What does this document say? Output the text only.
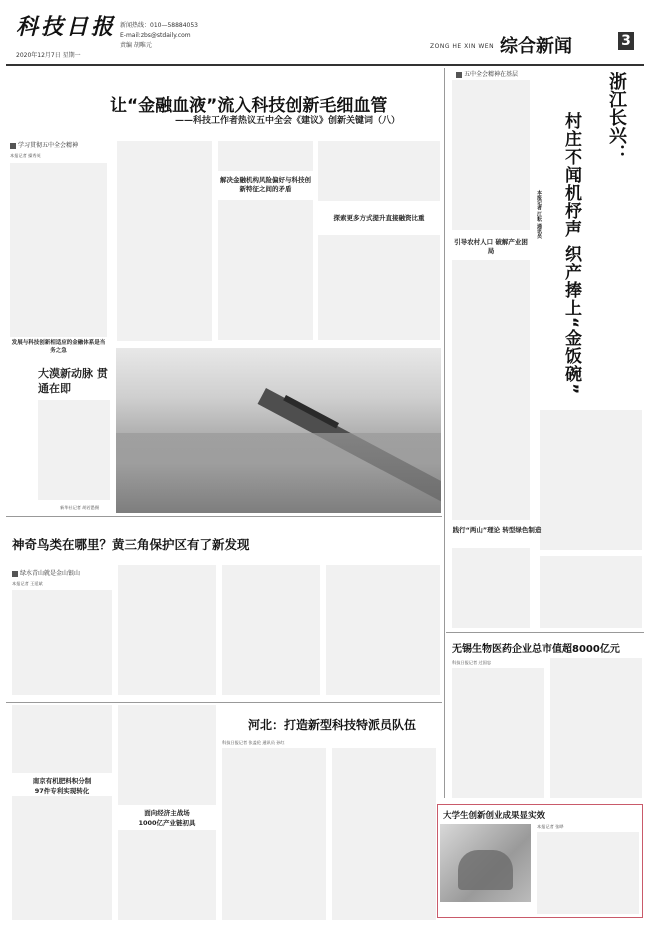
科技日报
2020年12月7日 星期一
新闻热线：010—58884053
E-mail:zbs@stdaily.com
责编 胡唯元	ZONG HE XIN WEN 综合新闻	3
让“金融血液”流入科技创新毛细血管
——科技工作者热议五中全会《建议》创新关键词（八）
学习贯彻五中全会精神
本报记者 操秀英
发展与科技创新相适应的金融体系是当务之急
解决金融机构风险偏好与科技创新特征之间的矛盾
探索更多方式提升直接融资比重
五中全会精神在基层	浙江长兴：
村庄不闻机杼声 织产捧上“金饭碗”
本报记者 江耘 通讯员
引导农村人口 破解产业困局
践行“两山”理论 转型绿色制造
大漠新动脉 贯通在即
新华社记者 胡若愚摄
神奇鸟类在哪里？黄三角保护区有了新发现
绿水青山就是金山银山
本报记者 王延斌
无锡生物医药企业总市值超8000亿元
科技日报记者 过国忠
南京有机肥料积分制
97件专利实现转化
面向经济主战场
1000亿产业链初具
河北：打造新型科技特派员队伍
科技日报记者 张盖伦 通讯员 孙红
大学生创新创业成果显实效
本报记者 张晔
